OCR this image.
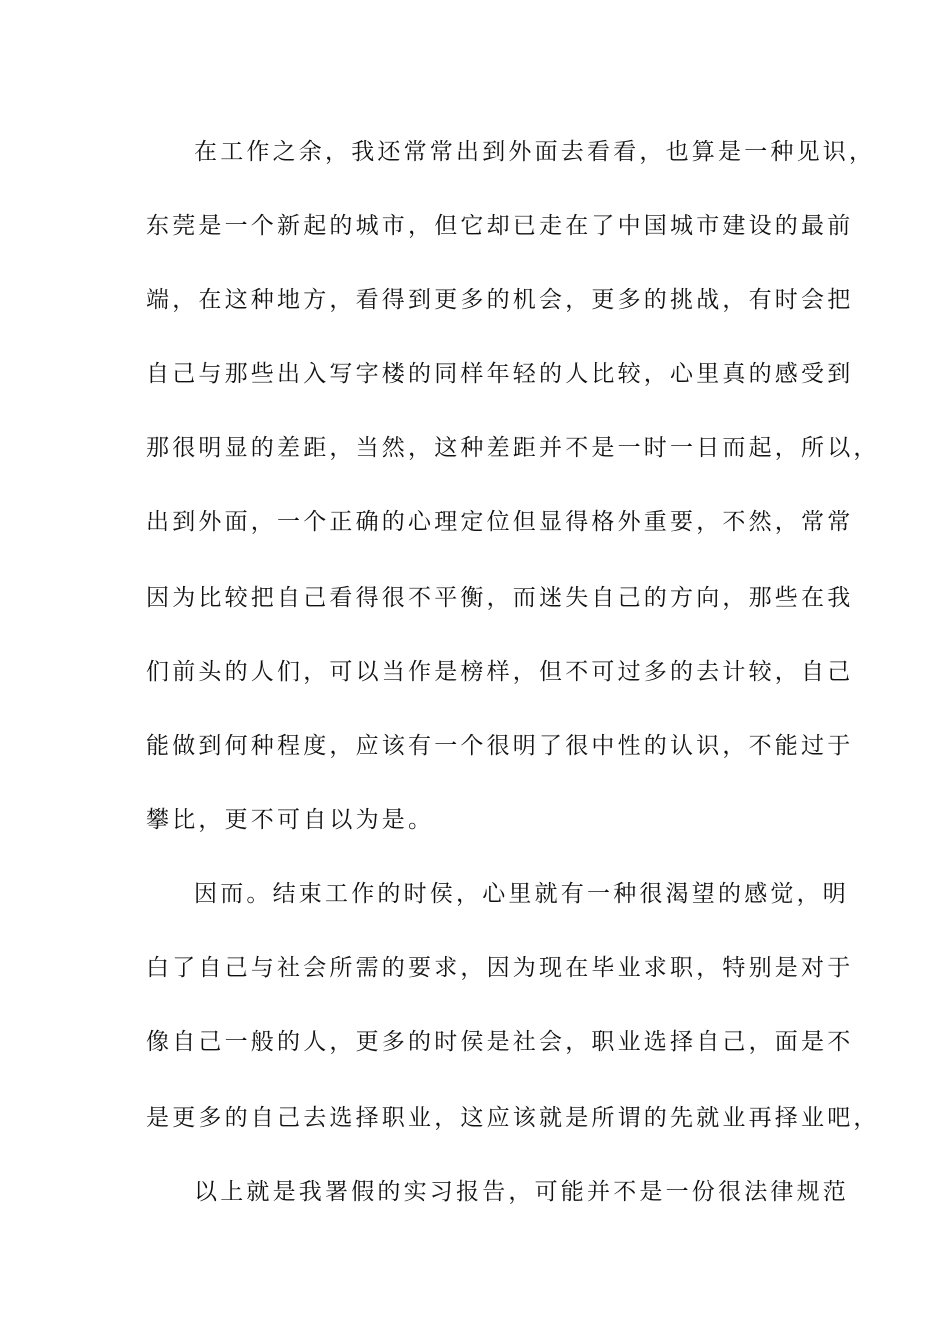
在工作之余，我还常常出到外面去看看，也算是一种见识，
东莞是一个新起的城市，但它却已走在了中国城市建设的最前
端，在这种地方，看得到更多的机会，更多的挑战，有时会把
自己与那些出入写字楼的同样年轻的人比较，心里真的感受到
那很明显的差距，当然，这种差距并不是一时一日而起，所以，
出到外面，一个正确的心理定位但显得格外重要，不然，常常
因为比较把自己看得很不平衡，而迷失自己的方向，那些在我
们前头的人们，可以当作是榜样，但不可过多的去计较，自己
能做到何种程度，应该有一个很明了很中性的认识，不能过于
攀比，更不可自以为是。
因而。结束工作的时侯，心里就有一种很渴望的感觉，明
白了自己与社会所需的要求，因为现在毕业求职，特别是对于
像自己一般的人，更多的时侯是社会，职业选择自己，面是不
是更多的自己去选择职业，这应该就是所谓的先就业再择业吧，
以上就是我署假的实习报告，可能并不是一份很法律规范
